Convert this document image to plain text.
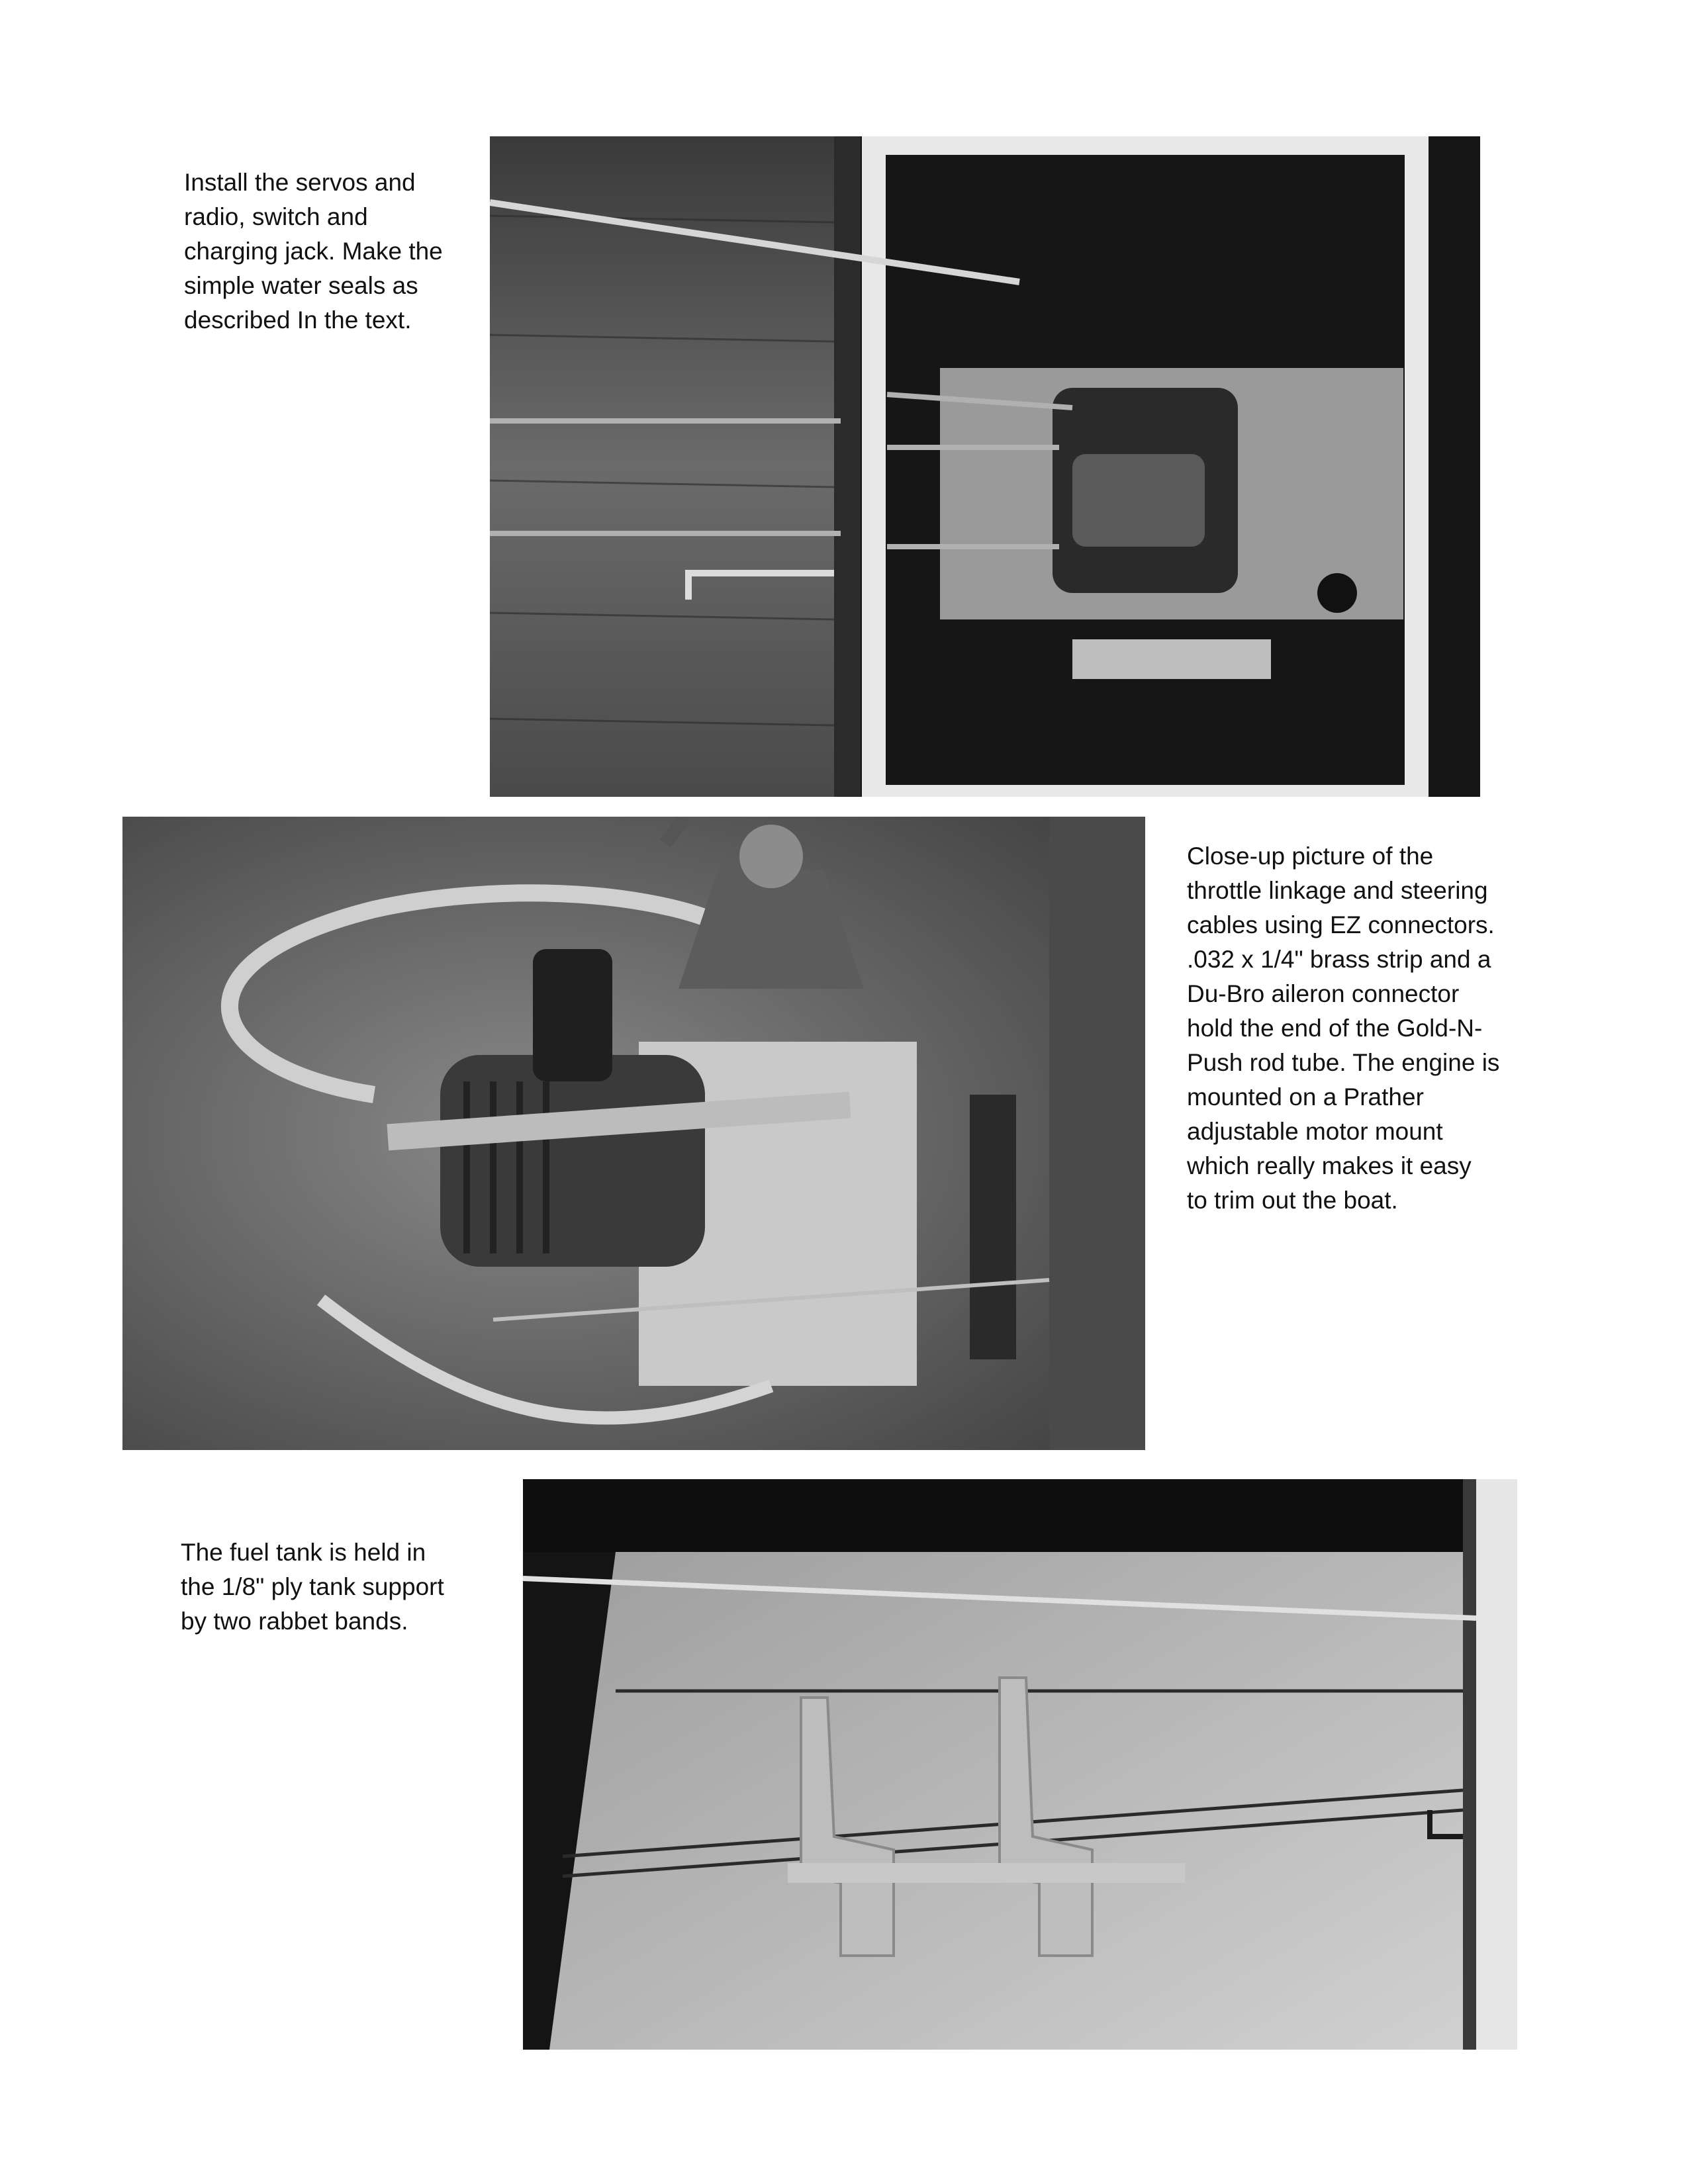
Install the servos and
radio, switch and
charging jack. Make the
simple water seals as
described In the text.
Close-up picture of the
throttle linkage and steering
cables using EZ connectors.
.032 x 1/4" brass strip and a
Du-Bro aileron connector
hold the end of the Gold-N-
Push rod tube. The engine is
mounted on a Prather
adjustable motor mount
which really makes it easy
to trim out the boat.
The fuel tank is held in
the 1/8" ply tank support
by two rabbet bands.
